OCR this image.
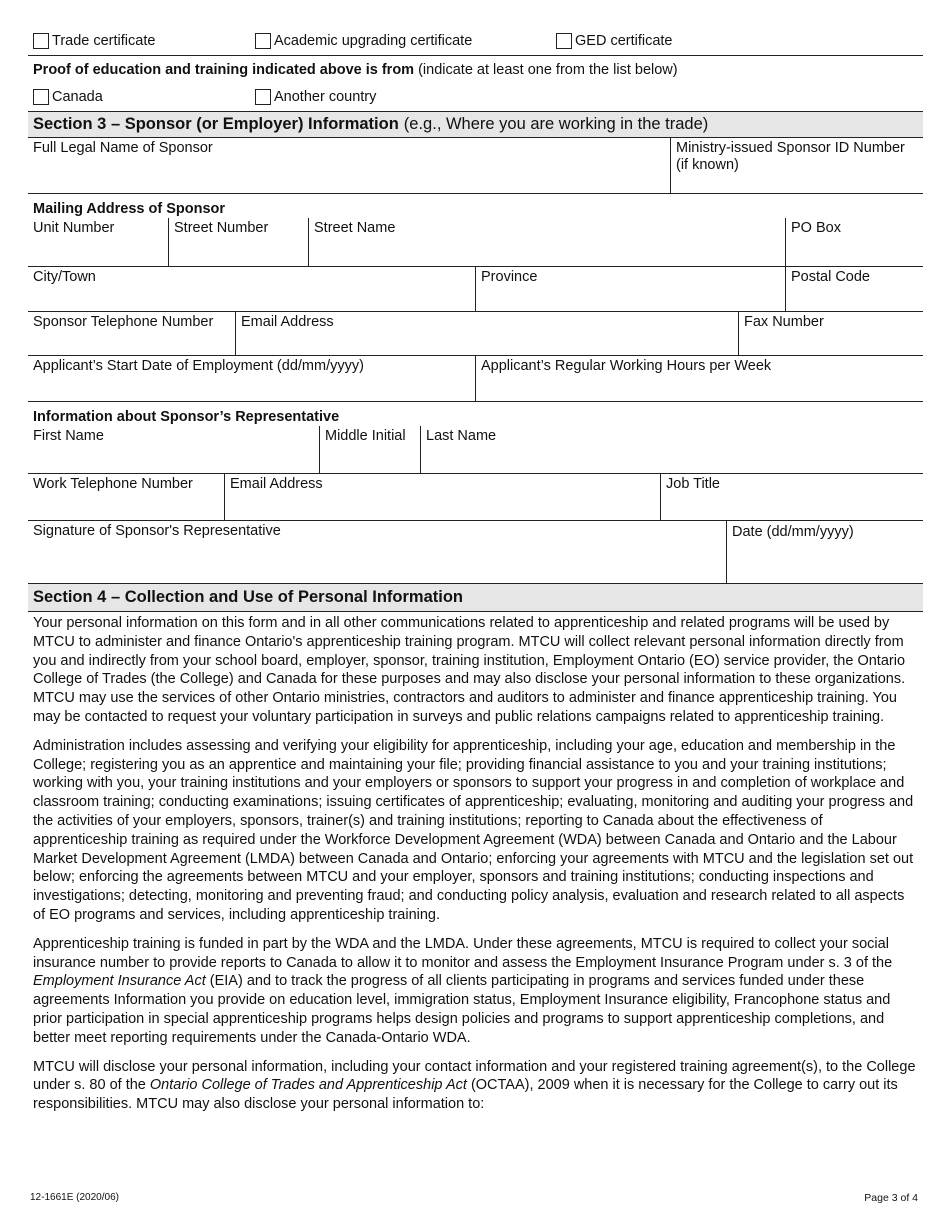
Trade certificate	Academic upgrading certificate	GED certificate
Proof of education and training indicated above is from (indicate at least one from the list below)
Canada	Another country
Section 3 – Sponsor (or Employer) Information (e.g., Where you are working in the trade)
Full Legal Name of Sponsor	Ministry-issued Sponsor ID Number (if known)
Mailing Address of Sponsor
Unit Number	Street Number	Street Name	PO Box
City/Town	Province	Postal Code
Sponsor Telephone Number	Email Address	Fax Number
Applicant’s Start Date of Employment (dd/mm/yyyy)	Applicant’s Regular Working Hours per Week
Information about Sponsor’s Representative
First Name	Middle Initial	Last Name
Work Telephone Number	Email Address	Job Title
Signature of Sponsor's Representative	Date (dd/mm/yyyy)
Section 4 – Collection and Use of Personal Information

Your personal information on this form and in all other communications related to apprenticeship and related programs will be used by MTCU to administer and finance Ontario's apprenticeship training program. MTCU will collect relevant personal information directly from you and indirectly from your school board, employer, sponsor, training institution, Employment Ontario (EO) service provider, the Ontario College of Trades (the College) and Canada for these purposes and may also disclose your personal information to these organizations. MTCU may use the services of other Ontario ministries, contractors and auditors to administer and finance apprenticeship training. You may be contacted to request your voluntary participation in surveys and public relations campaigns related to apprenticeship training.

Administration includes assessing and verifying your eligibility for apprenticeship, including your age, education and membership in the College; registering you as an apprentice and maintaining your file; providing financial assistance to you and your training institutions; working with you, your training institutions and your employers or sponsors to support your progress in and completion of workplace and classroom training; conducting examinations; issuing certificates of apprenticeship; evaluating, monitoring and auditing your progress and the activities of your employers, sponsors, trainer(s) and training institutions; reporting to Canada about the effectiveness of apprenticeship training as required under the Workforce Development Agreement (WDA) between Canada and Ontario and the Labour Market Development Agreement (LMDA) between Canada and Ontario; enforcing your agreements with MTCU and the legislation set out below; enforcing the agreements between MTCU and your employer, sponsors and training institutions; conducting inspections and investigations; detecting, monitoring and preventing fraud; and conducting policy analysis, evaluation and research related to all aspects of EO programs and services, including apprenticeship training.

Apprenticeship training is funded in part by the WDA and the LMDA. Under these agreements, MTCU is required to collect your social insurance number to provide reports to Canada to allow it to monitor and assess the Employment Insurance Program under s. 3 of the Employment Insurance Act (EIA) and to track the progress of all clients participating in programs and services funded under these agreements Information you provide on education level, immigration status, Employment Insurance eligibility, Francophone status and prior participation in special apprenticeship programs helps design policies and programs to support apprenticeship completions, and better meet reporting requirements under the Canada-Ontario WDA.

MTCU will disclose your personal information, including your contact information and your registered training agreement(s), to the College under s. 80 of the Ontario College of Trades and Apprenticeship Act (OCTAA), 2009 when it is necessary for the College to carry out its responsibilities. MTCU may also disclose your personal information to:

12-1661E (2020/06)	Page 3 of 4
